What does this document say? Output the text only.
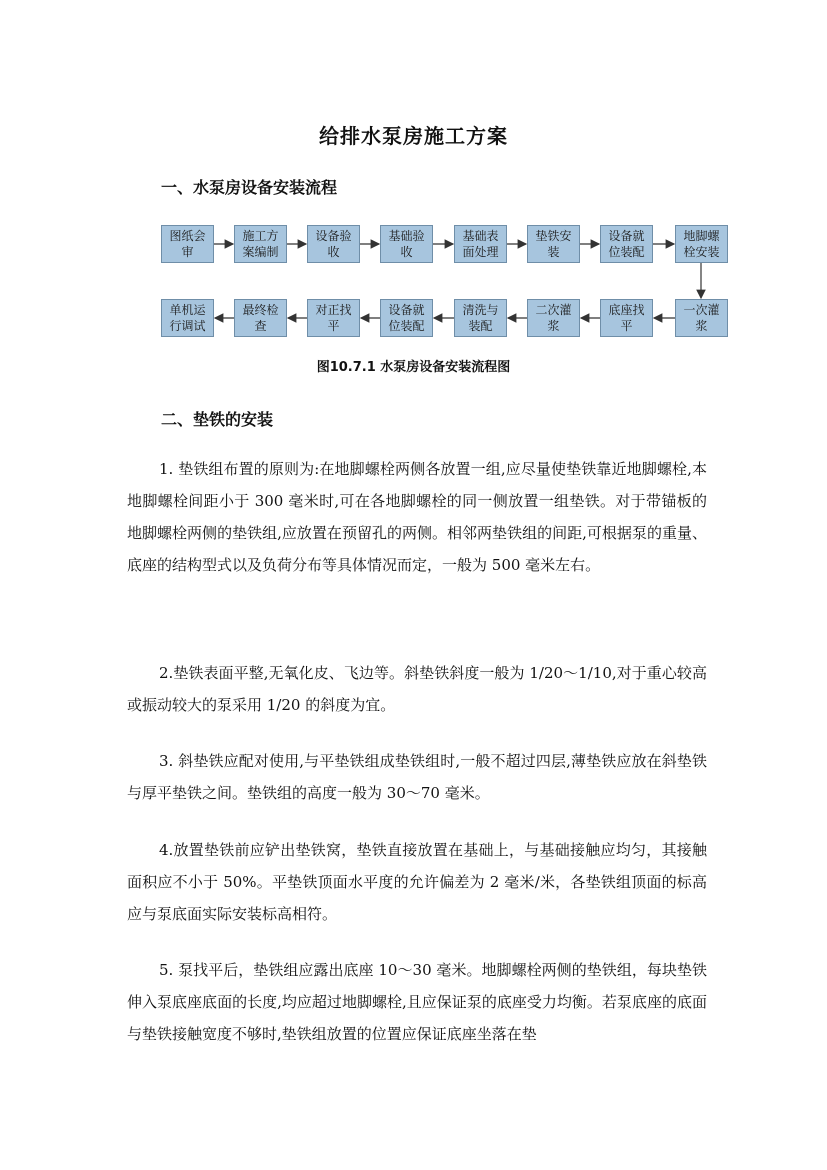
给排水泵房施工方案
一、水泵房设备安装流程
图纸会审
施工方案编制
设备验收
基础验收
基础表面处理
垫铁安装
设备就位装配
地脚螺栓安装
单机运行调试
最终检查
对正找平
设备就位装配
清洗与装配
二次灌浆
底座找平
一次灌浆
图10.7.1 水泵房设备安装流程图
二、垫铁的安装

1. 垫铁组布置的原则为:在地脚螺栓两侧各放置一组,应尽量使垫铁靠近地脚螺栓,本地脚螺栓间距小于 300 毫米时,可在各地脚螺栓的同一侧放置一组垫铁。对于带锚板的地脚螺栓两侧的垫铁组,应放置在预留孔的两侧。相邻两垫铁组的间距,可根据泵的重量、底座的结构型式以及负荷分布等具体情况而定，一般为 500 毫米左右。

2.垫铁表面平整,无氧化皮、飞边等。斜垫铁斜度一般为 1/20～1/10,对于重心较高或振动较大的泵采用 1/20 的斜度为宜。

3. 斜垫铁应配对使用,与平垫铁组成垫铁组时,一般不超过四层,薄垫铁应放在斜垫铁与厚平垫铁之间。垫铁组的高度一般为 30～70 毫米。

4.放置垫铁前应铲出垫铁窝，垫铁直接放置在基础上，与基础接触应均匀，其接触面积应不小于 50%。平垫铁顶面水平度的允许偏差为 2 毫米/米，各垫铁组顶面的标高应与泵底面实际安装标高相符。

5. 泵找平后，垫铁组应露出底座 10～30 毫米。地脚螺栓两侧的垫铁组，每块垫铁伸入泵底座底面的长度,均应超过地脚螺栓,且应保证泵的底座受力均衡。若泵底座的底面与垫铁接触宽度不够时,垫铁组放置的位置应保证底座坐落在垫
